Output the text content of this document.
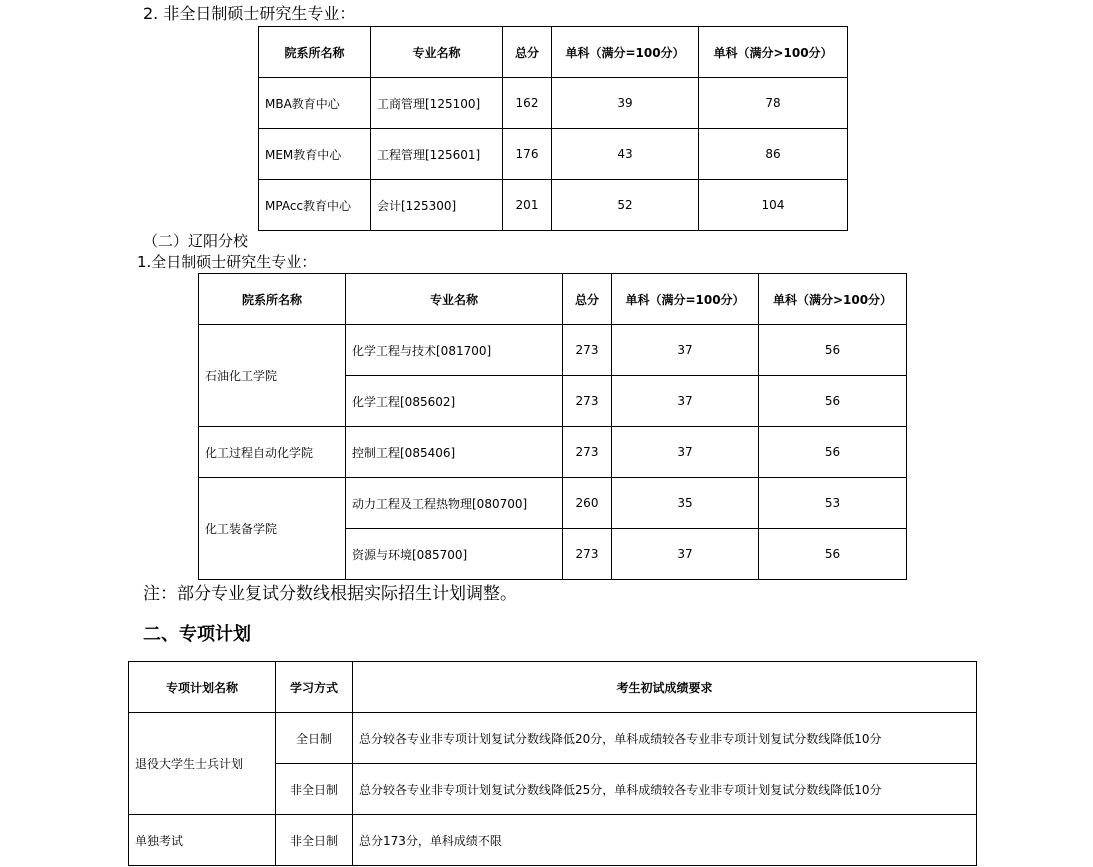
2. 非全日制硕士研究生专业：
院系所名称	专业名称	总分	单科（满分=100分）	单科（满分>100分）
MBA教育中心	工商管理[125100]	162	39	78
MEM教育中心	工程管理[125601]	176	43	86
MPAcc教育中心	会计[125300]	201	52	104
（二）辽阳分校
1.全日制硕士研究生专业：
院系所名称	专业名称	总分	单科（满分=100分）	单科（满分>100分）
石油化工学院	化学工程与技术[081700]	273	37	56
	化学工程[085602]	273	37	56
化工过程自动化学院	控制工程[085406]	273	37	56
化工装备学院	动力工程及工程热物理[080700]	260	35	53
	资源与环境[085700]	273	37	56
注：部分专业复试分数线根据实际招生计划调整。
二、专项计划
专项计划名称	学习方式	考生初试成绩要求
退役大学生士兵计划	全日制	总分较各专业非专项计划复试分数线降低20分，单科成绩较各专业非专项计划复试分数线降低10分
	非全日制	总分较各专业非专项计划复试分数线降低25分，单科成绩较各专业非专项计划复试分数线降低10分
单独考试	非全日制	总分173分，单科成绩不限
